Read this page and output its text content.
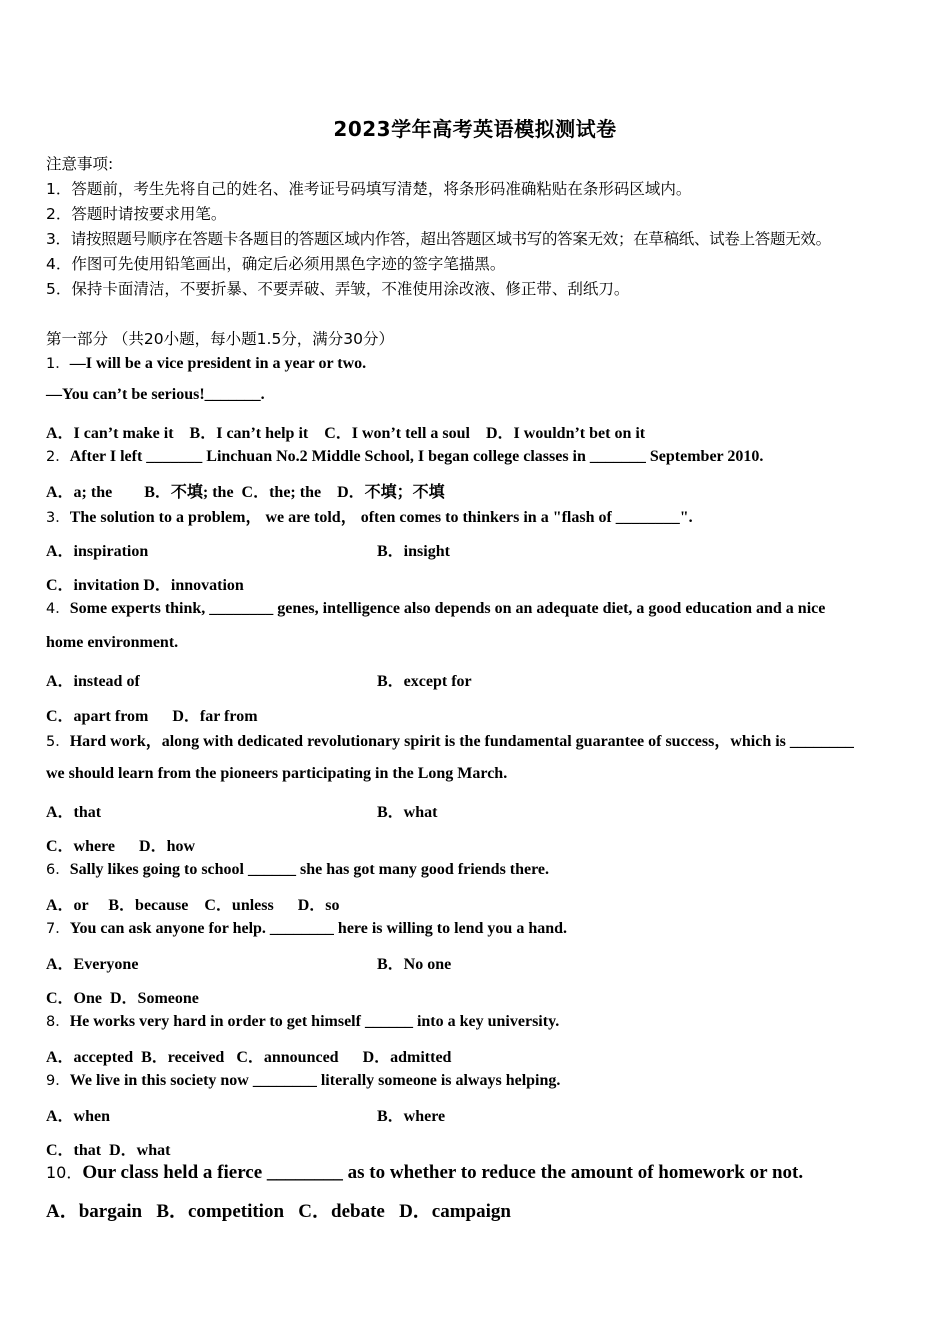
2023学年高考英语模拟测试卷
注意事项:
1．答题前，考生先将自己的姓名、准考证号码填写清楚，将条形码准确粘贴在条形码区域内。
2．答题时请按要求用笔。
3．请按照题号顺序在答题卡各题目的答题区域内作答，超出答题区域书写的答案无效；在草稿纸、试卷上答题无效。
4．作图可先使用铅笔画出，确定后必须用黑色字迹的签字笔描黑。
5．保持卡面清洁，不要折暴、不要弄破、弄皱，不准使用涂改液、修正带、刮纸刀。
第一部分 （共20小题，每小题1.5分，满分30分）
1．—I will be a vice president in a year or two.
—You can’t be serious!_______.
A．I can’t make it    B．I can’t help it    C．I won’t tell a soul    D．I wouldn’t bet on it
2．After I left _______ Linchuan No.2 Middle School, I began college classes in _______ September 2010.
A．a; the        B．不填; the  C．the; the    D．不填；不填
3．The solution to a problem， we are told， often comes to thinkers in a "flash of ________".
A．inspiration	B．insight
C．invitation D．innovation
4．Some experts think, ________ genes, intelligence also depends on an adequate diet, a good education and a nice
home environment.
A．instead of	B．except for
C．apart from      D．far from
5．Hard work，along with dedicated revolutionary spirit is the fundamental guarantee of success，which is ________
we should learn from the pioneers participating in the Long March.
A．that	B．what
C．where      D．how
6．Sally likes going to school ______ she has got many good friends there.
A．or     B．because    C．unless      D．so
7．You can ask anyone for help. ________ here is willing to lend you a hand.
A．Everyone	B．No one
C．One  D．Someone
8．He works very hard in order to get himself ______ into a key university.
A．accepted  B．received   C．announced      D．admitted
9．We live in this society now ________ literally someone is always helping.
A．when	B．where
C．that  D．what
10．Our class held a fierce ________ as to whether to reduce the amount of homework or not.
A．bargain   B．competition   C．debate   D．campaign
